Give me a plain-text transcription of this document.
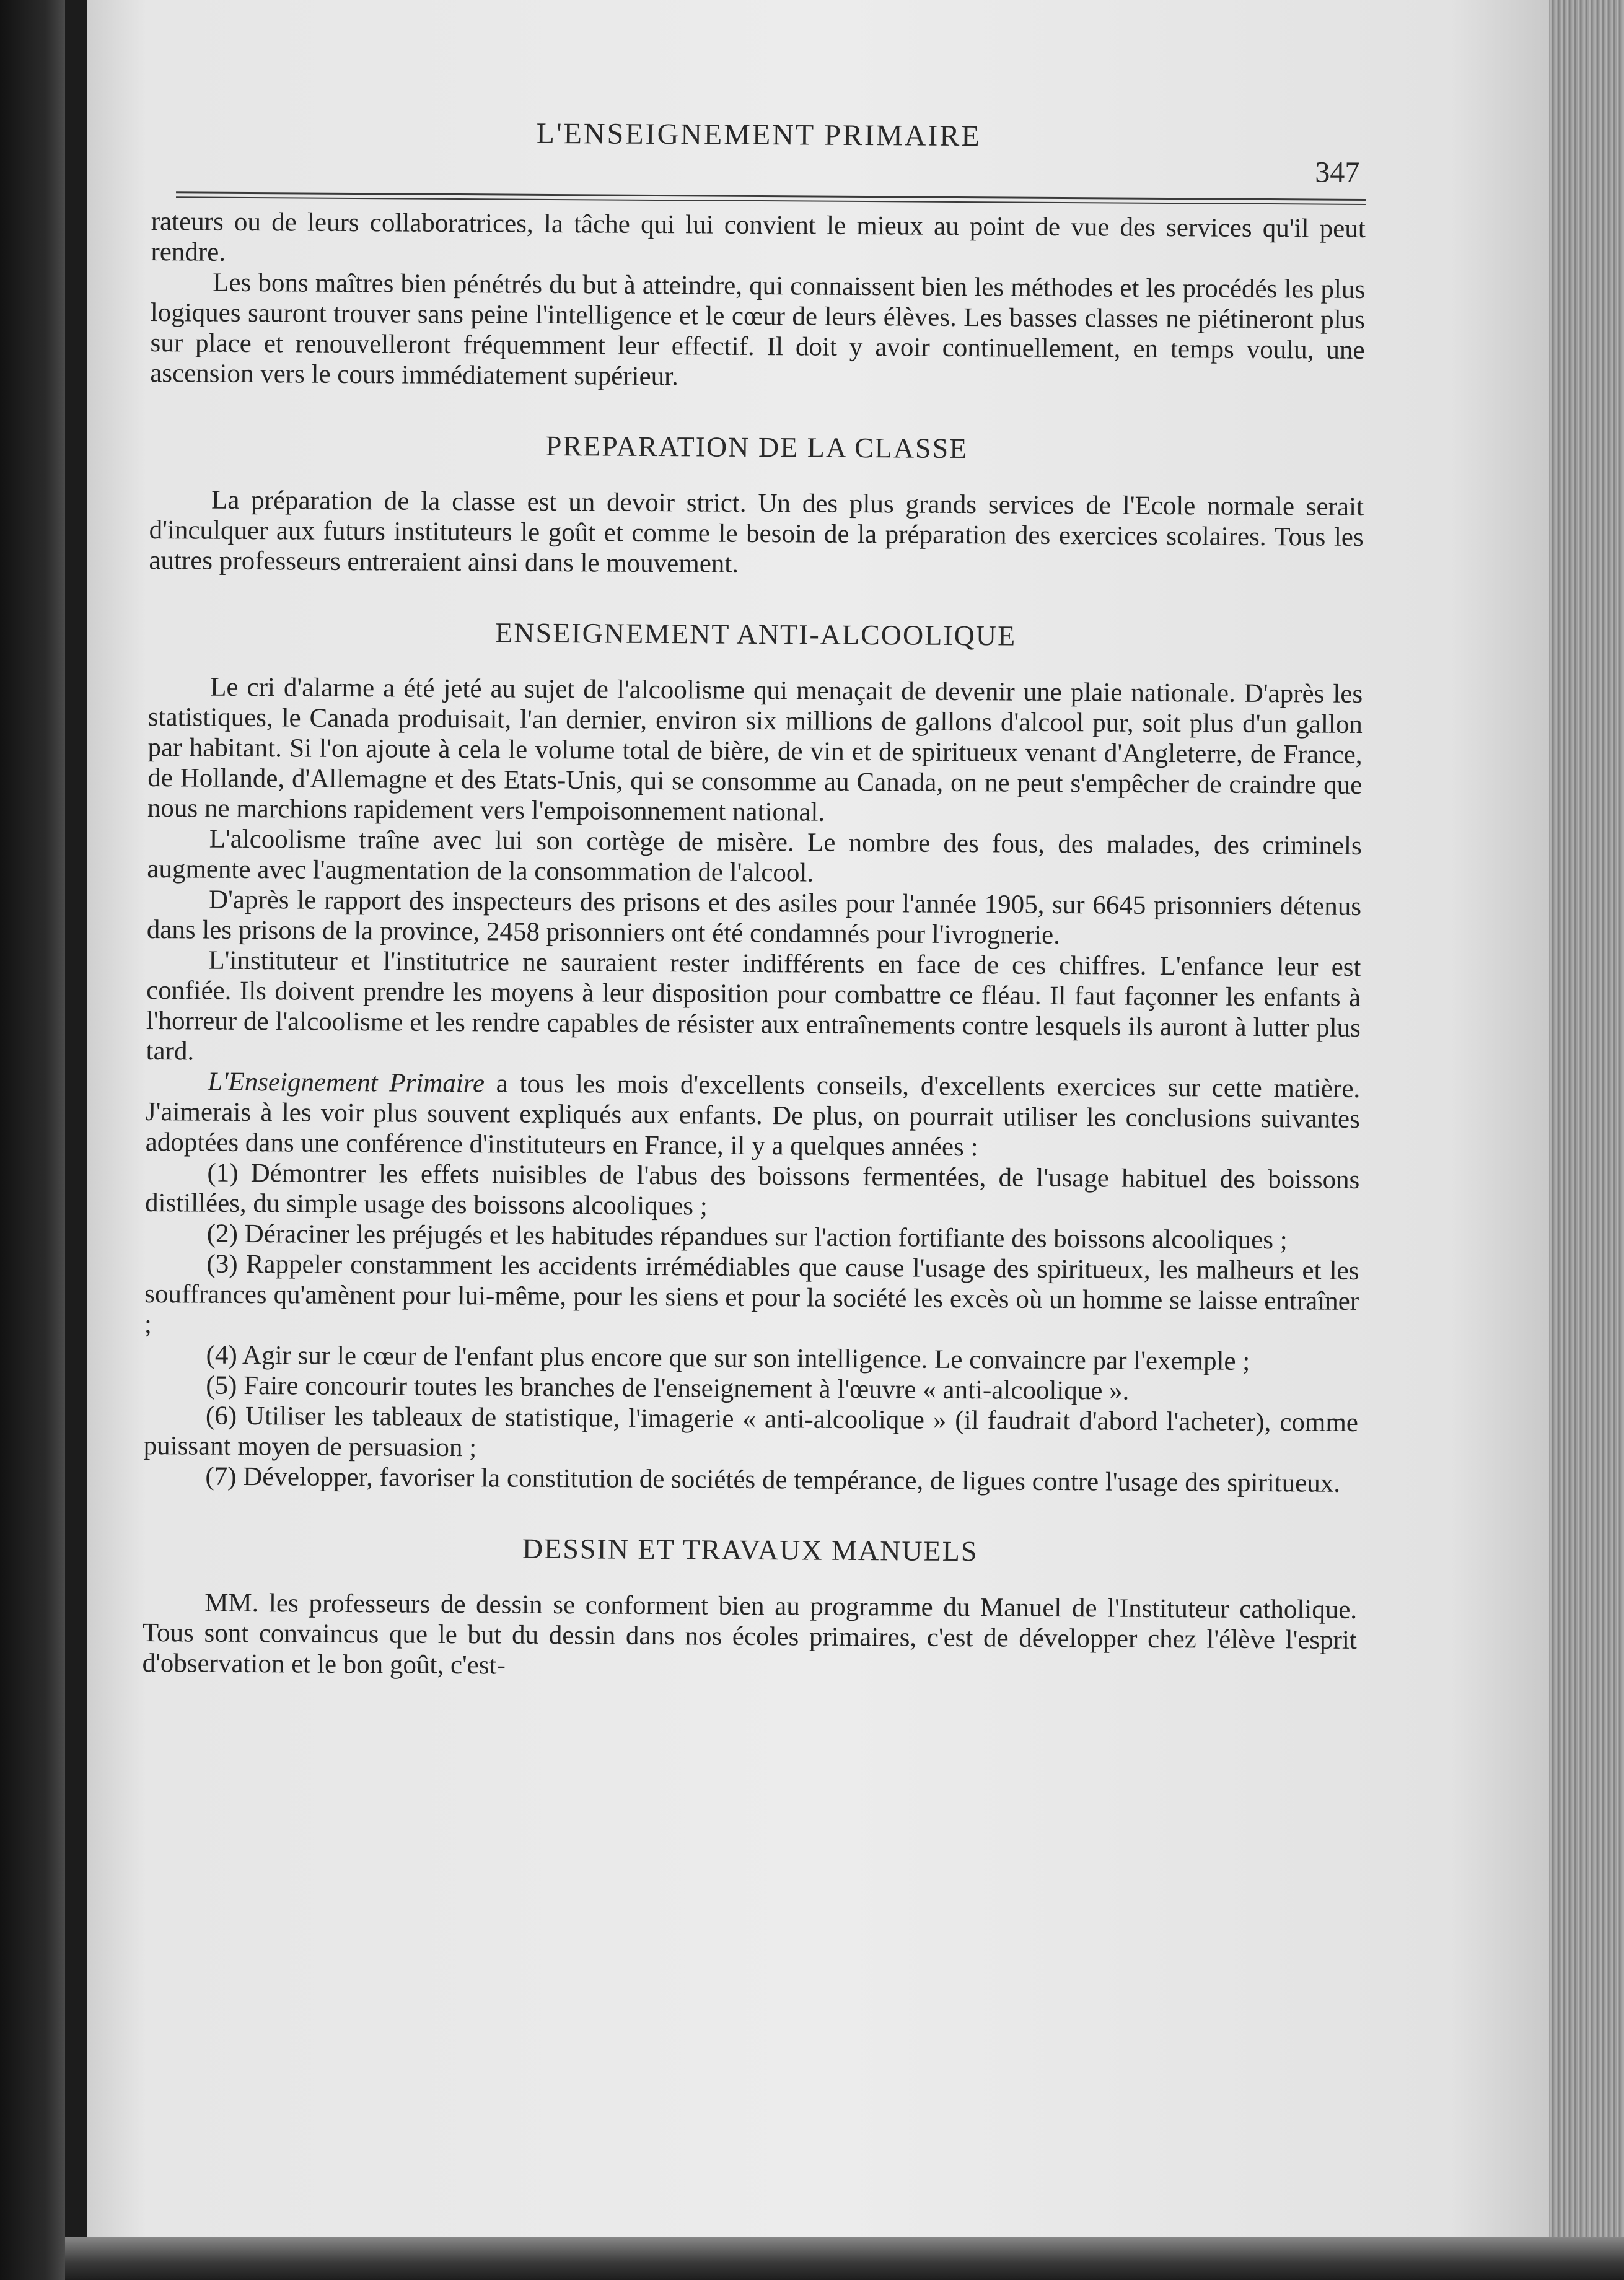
L'ENSEIGNEMENT PRIMAIRE
347

rateurs ou de leurs collaboratrices, la tâche qui lui convient le mieux au point de vue des services qu'il peut rendre.

Les bons maîtres bien pénétrés du but à atteindre, qui connaissent bien les méthodes et les procédés les plus logiques sauront trouver sans peine l'intelligence et le cœur de leurs élèves. Les basses classes ne piétineront plus sur place et renouvelleront fréquemment leur effectif. Il doit y avoir continuellement, en temps voulu, une ascension vers le cours immédiatement supérieur.

PREPARATION DE LA CLASSE

La préparation de la classe est un devoir strict. Un des plus grands services de l'Ecole normale serait d'inculquer aux futurs instituteurs le goût et comme le besoin de la préparation des exercices scolaires. Tous les autres professeurs entreraient ainsi dans le mouvement.

ENSEIGNEMENT ANTI-ALCOOLIQUE

Le cri d'alarme a été jeté au sujet de l'alcoolisme qui menaçait de devenir une plaie nationale. D'après les statistiques, le Canada produisait, l'an dernier, environ six millions de gallons d'alcool pur, soit plus d'un gallon par habitant. Si l'on ajoute à cela le volume total de bière, de vin et de spiritueux venant d'Angleterre, de France, de Hollande, d'Allemagne et des Etats-Unis, qui se consomme au Canada, on ne peut s'empêcher de craindre que nous ne marchions rapidement vers l'empoisonnement national.

L'alcoolisme traîne avec lui son cortège de misère. Le nombre des fous, des malades, des criminels augmente avec l'augmentation de la consommation de l'alcool.

D'après le rapport des inspecteurs des prisons et des asiles pour l'année 1905, sur 6645 prisonniers détenus dans les prisons de la province, 2458 prisonniers ont été condamnés pour l'ivrognerie.

L'instituteur et l'institutrice ne sauraient rester indifférents en face de ces chiffres. L'enfance leur est confiée. Ils doivent prendre les moyens à leur disposition pour combattre ce fléau. Il faut façonner les enfants à l'horreur de l'alcoolisme et les rendre capables de résister aux entraînements contre lesquels ils auront à lutter plus tard.

L'Enseignement Primaire a tous les mois d'excellents conseils, d'excellents exercices sur cette matière. J'aimerais à les voir plus souvent expliqués aux enfants. De plus, on pourrait utiliser les conclusions suivantes adoptées dans une conférence d'instituteurs en France, il y a quelques années :

(1) Démontrer les effets nuisibles de l'abus des boissons fermentées, de l'usage habituel des boissons distillées, du simple usage des boissons alcooliques ;

(2) Déraciner les préjugés et les habitudes répandues sur l'action fortifiante des boissons alcooliques ;

(3) Rappeler constamment les accidents irrémédiables que cause l'usage des spiritueux, les malheurs et les souffrances qu'amènent pour lui-même, pour les siens et pour la société les excès où un homme se laisse entraîner ;

(4) Agir sur le cœur de l'enfant plus encore que sur son intelligence. Le convaincre par l'exemple ;

(5) Faire concourir toutes les branches de l'enseignement à l'œuvre « anti-alcoolique ».

(6) Utiliser les tableaux de statistique, l'imagerie « anti-alcoolique » (il faudrait d'abord l'acheter), comme puissant moyen de persuasion ;

(7) Développer, favoriser la constitution de sociétés de tempérance, de ligues contre l'usage des spiritueux.

DESSIN ET TRAVAUX MANUELS

MM. les professeurs de dessin se conforment bien au programme du Manuel de l'Instituteur catholique. Tous sont convaincus que le but du dessin dans nos écoles primaires, c'est de développer chez l'élève l'esprit d'observation et le bon goût, c'est-
